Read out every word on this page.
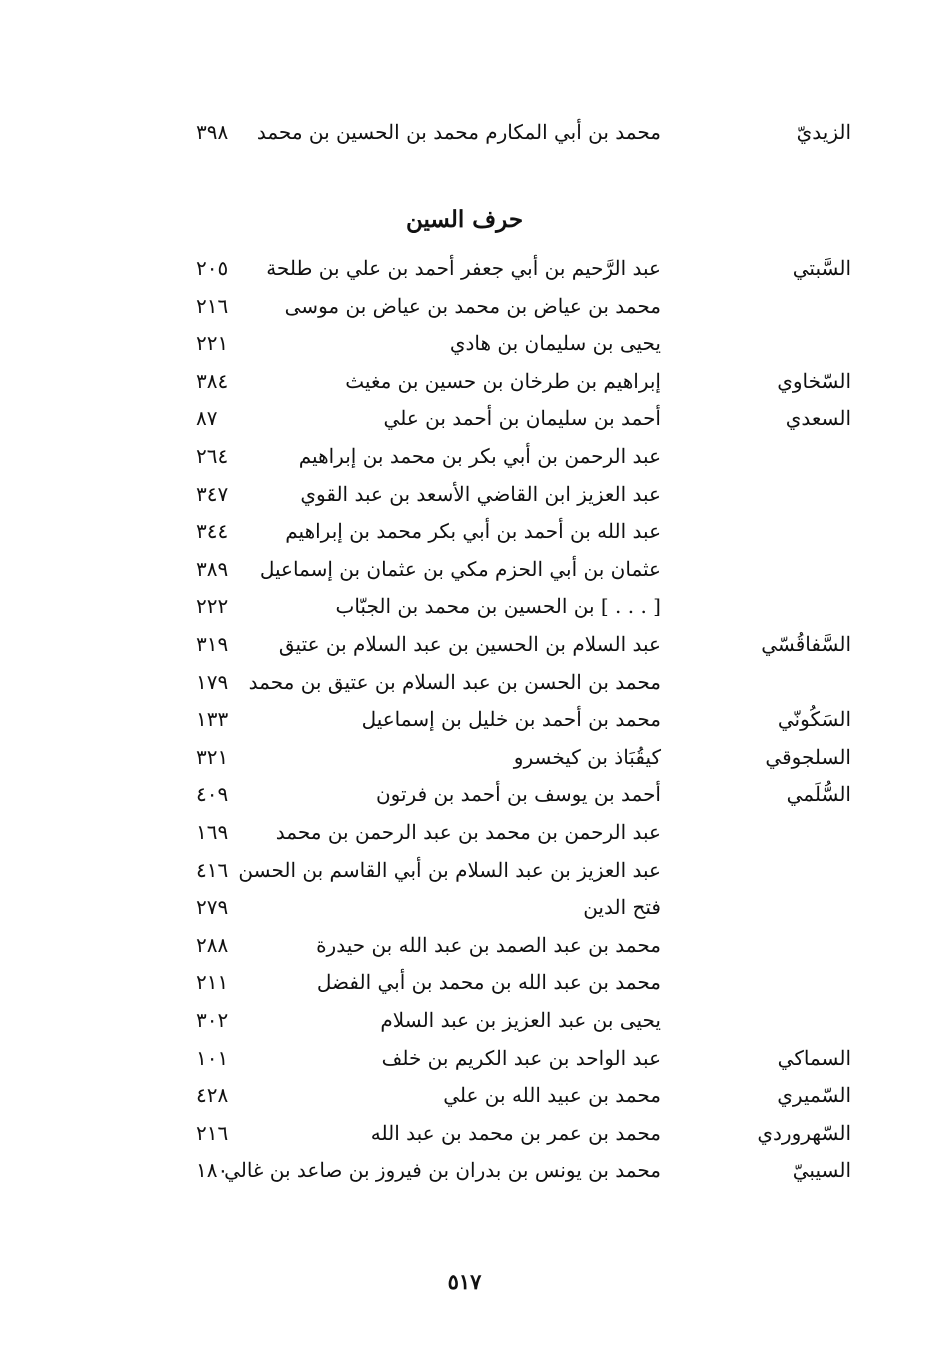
الزيديّ
محمد بن أبي المكارم محمد بن الحسين بن محمد
٣٩٨
حرف السين
السَّبتي
عبد الرَّحيم بن أبي جعفر أحمد بن علي بن طلحة
٢٠٥
محمد بن عياض بن محمد بن عياض بن موسى
٢١٦
يحيى بن سليمان بن هادي
٢٢١
السّخاوي
إبراهيم بن طرخان بن حسين بن مغيث
٣٨٤
السعدي
أحمد بن سليمان بن أحمد بن علي
٨٧
عبد الرحمن بن أبي بكر بن محمد بن إبراهيم
٢٦٤
عبد العزيز ابن القاضي الأسعد بن عبد القوي
٣٤٧
عبد الله بن أحمد بن أبي بكر محمد بن إبراهيم
٣٤٤
عثمان بن أبي الحزم مكي بن عثمان بن إسماعيل
٣٨٩
[ . . . ] بن الحسين بن محمد بن الجبّاب
٢٢٢
السَّفاقُسّي
عبد السلام بن الحسين بن عبد السلام بن عتيق
٣١٩
محمد بن الحسن بن عبد السلام بن عتيق بن محمد
١٧٩
السَكُونّي
محمد بن أحمد بن خليل بن إسماعيل
١٣٣
السلجوقي
كيقُبَاذ بن كيخسرو
٣٢١
السُّلَمي
أحمد بن يوسف بن أحمد بن فرتون
٤٠٩
عبد الرحمن بن محمد بن عبد الرحمن بن محمد
١٦٩
عبد العزيز بن عبد السلام بن أبي القاسم بن الحسن
٤١٦
فتح الدين
٢٧٩
محمد بن عبد الصمد بن عبد الله بن حيدرة
٢٨٨
محمد بن عبد الله بن محمد بن أبي الفضل
٢١١
يحيى بن عبد العزيز بن عبد السلام
٣٠٢
السماكي
عبد الواحد بن عبد الكريم بن خلف
١٠١
السّميري
محمد بن عبيد الله بن علي
٤٢٨
السّهروردي
محمد بن عمر بن محمد بن عبد الله
٢١٦
السيبيّ
محمد بن يونس بن بدران بن فيروز بن صاعد بن غالي
١٨٠
٥١٧
